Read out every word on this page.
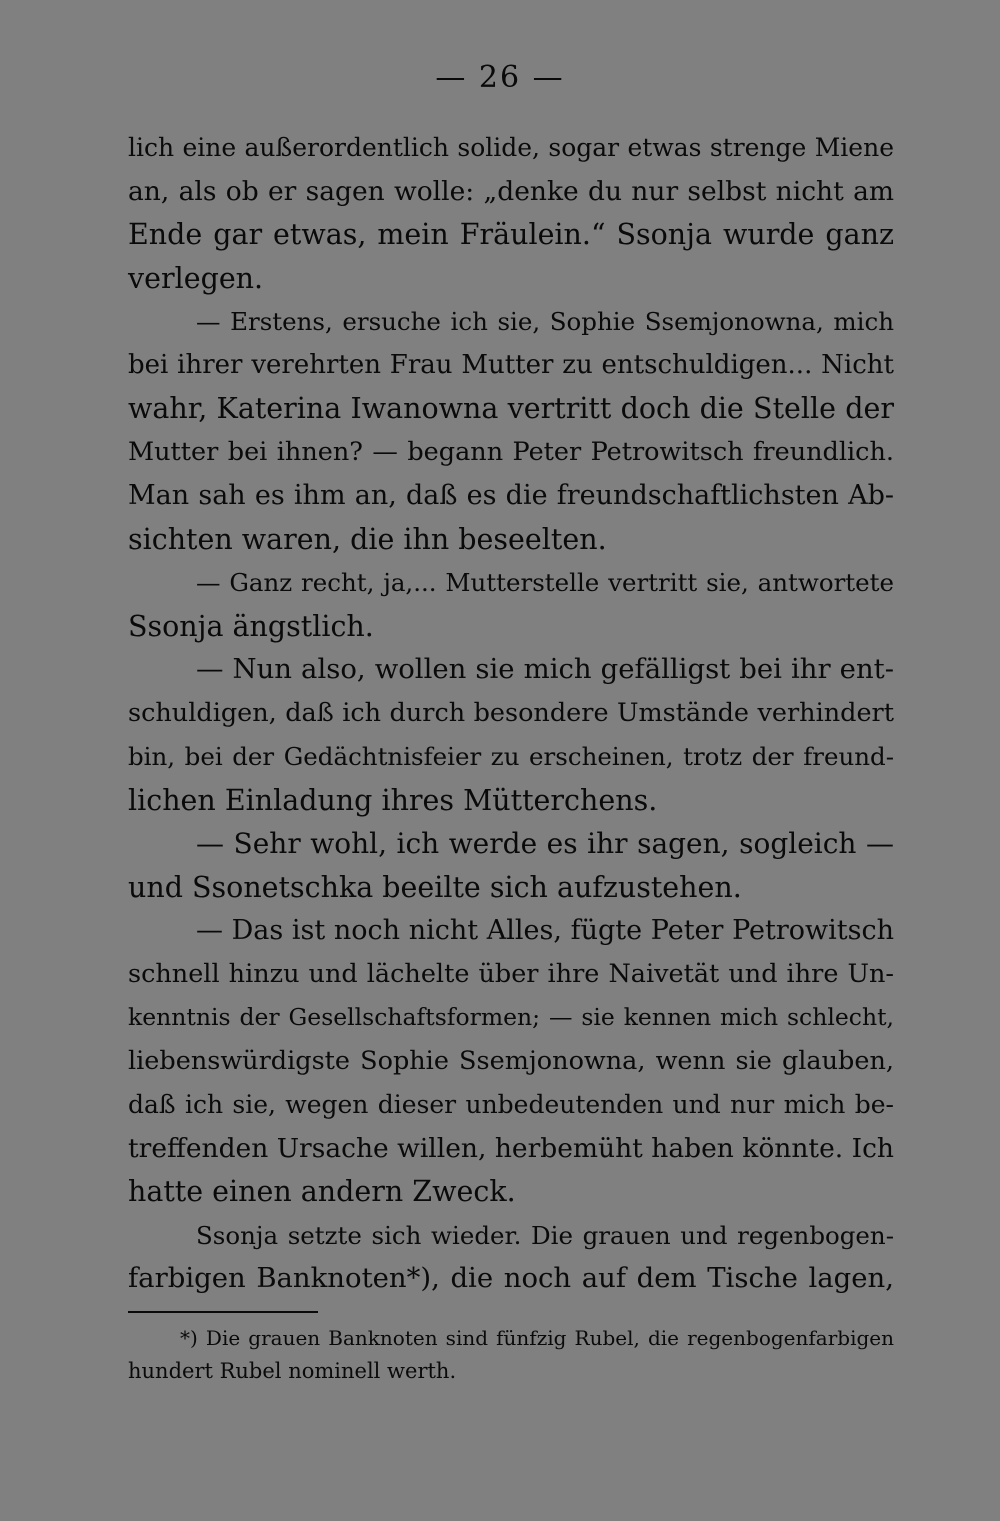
— 26 —
lich eine außerordentlich solide, sogar etwas strenge Miene
an, als ob er sagen wolle: „denke du nur selbst nicht am
Ende gar etwas, mein Fräulein.“ Ssonja wurde ganz
verlegen.
— Erstens, ersuche ich sie, Sophie Ssemjonowna, mich
bei ihrer verehrten Frau Mutter zu entschuldigen... Nicht
wahr, Katerina Iwanowna vertritt doch die Stelle der
Mutter bei ihnen? — begann Peter Petrowitsch freundlich.
Man sah es ihm an, daß es die freundschaftlichsten Ab-
sichten waren, die ihn beseelten.
— Ganz recht, ja,... Mutterstelle vertritt sie, antwortete
Ssonja ängstlich.
— Nun also, wollen sie mich gefälligst bei ihr ent-
schuldigen, daß ich durch besondere Umstände verhindert
bin, bei der Gedächtnisfeier zu erscheinen, trotz der freund-
lichen Einladung ihres Mütterchens.
— Sehr wohl, ich werde es ihr sagen, sogleich —
und Ssonetschka beeilte sich aufzustehen.
— Das ist noch nicht Alles, fügte Peter Petrowitsch
schnell hinzu und lächelte über ihre Naivetät und ihre Un-
kenntnis der Gesellschaftsformen; — sie kennen mich schlecht,
liebenswürdigste Sophie Ssemjonowna, wenn sie glauben,
daß ich sie, wegen dieser unbedeutenden und nur mich be-
treffenden Ursache willen, herbemüht haben könnte. Ich
hatte einen andern Zweck.
Ssonja setzte sich wieder. Die grauen und regenbogen-
farbigen Banknoten*), die noch auf dem Tische lagen,
*) Die grauen Banknoten sind fünfzig Rubel, die regenbogenfarbigen
hundert Rubel nominell werth.
